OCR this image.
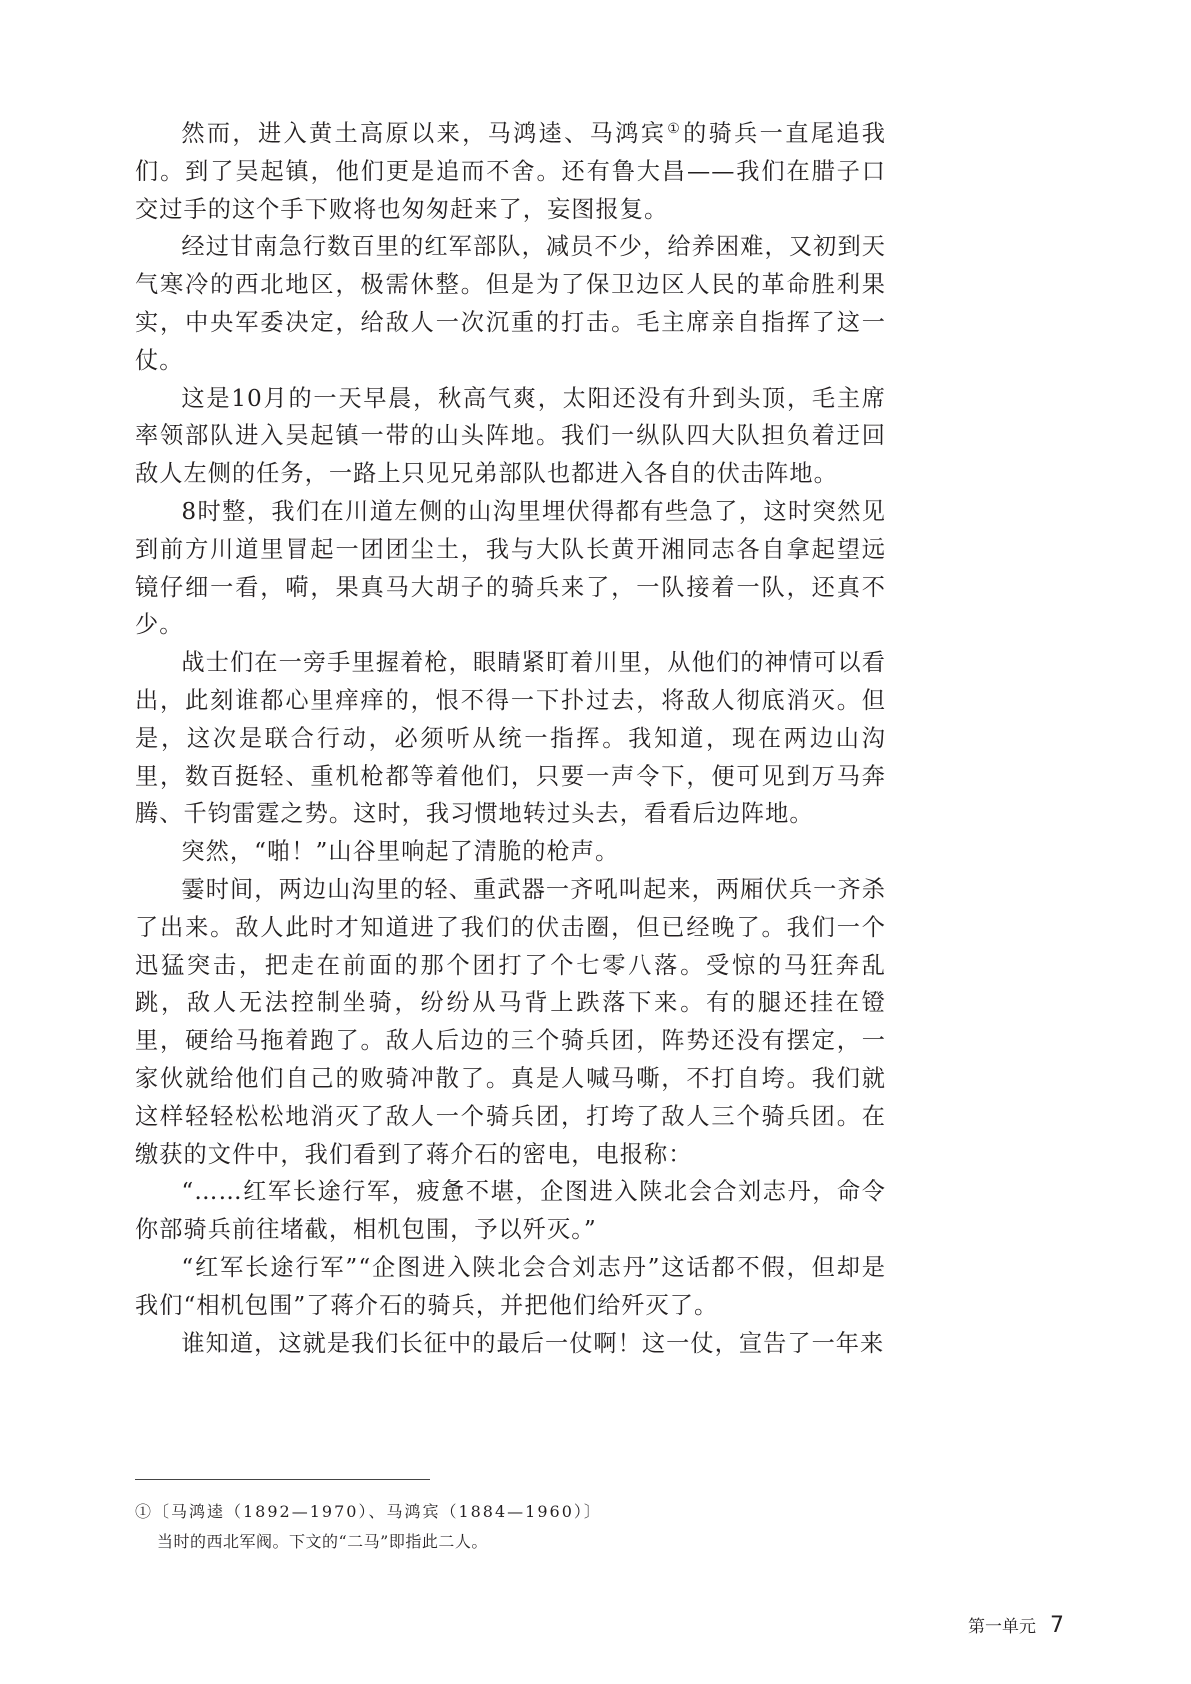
然而，进入黄土高原以来，马鸿逵、马鸿宾①的骑兵一直尾追我们。到了吴起镇，他们更是追而不舍。还有鲁大昌——我们在腊子口交过手的这个手下败将也匆匆赶来了，妄图报复。

经过甘南急行数百里的红军部队，减员不少，给养困难，又初到天气寒冷的西北地区，极需休整。但是为了保卫边区人民的革命胜利果实，中央军委决定，给敌人一次沉重的打击。毛主席亲自指挥了这一仗。

这是10月的一天早晨，秋高气爽，太阳还没有升到头顶，毛主席率领部队进入吴起镇一带的山头阵地。我们一纵队四大队担负着迂回敌人左侧的任务，一路上只见兄弟部队也都进入各自的伏击阵地。

8时整，我们在川道左侧的山沟里埋伏得都有些急了，这时突然见到前方川道里冒起一团团尘土，我与大队长黄开湘同志各自拿起望远镜仔细一看，嗬，果真马大胡子的骑兵来了，一队接着一队，还真不少。

战士们在一旁手里握着枪，眼睛紧盯着川里，从他们的神情可以看出，此刻谁都心里痒痒的，恨不得一下扑过去，将敌人彻底消灭。但是，这次是联合行动，必须听从统一指挥。我知道，现在两边山沟里，数百挺轻、重机枪都等着他们，只要一声令下，便可见到万马奔腾、千钧雷霆之势。这时，我习惯地转过头去，看看后边阵地。

突然，“啪！”山谷里响起了清脆的枪声。

霎时间，两边山沟里的轻、重武器一齐吼叫起来，两厢伏兵一齐杀了出来。敌人此时才知道进了我们的伏击圈，但已经晚了。我们一个迅猛突击，把走在前面的那个团打了个七零八落。受惊的马狂奔乱跳，敌人无法控制坐骑，纷纷从马背上跌落下来。有的腿还挂在镫里，硬给马拖着跑了。敌人后边的三个骑兵团，阵势还没有摆定，一家伙就给他们自己的败骑冲散了。真是人喊马嘶，不打自垮。我们就这样轻轻松松地消灭了敌人一个骑兵团，打垮了敌人三个骑兵团。在缴获的文件中，我们看到了蒋介石的密电，电报称：

“……红军长途行军，疲惫不堪，企图进入陕北会合刘志丹，命令你部骑兵前往堵截，相机包围，予以歼灭。”

“红军长途行军”“企图进入陕北会合刘志丹”这话都不假，但却是我们“相机包围”了蒋介石的骑兵，并把他们给歼灭了。

谁知道，这就是我们长征中的最后一仗啊！这一仗，宣告了一年来

①〔马鸿逵（1892—1970）、马鸿宾（1884—1960）〕
当时的西北军阀。下文的“二马”即指此二人。
第一单元 7
